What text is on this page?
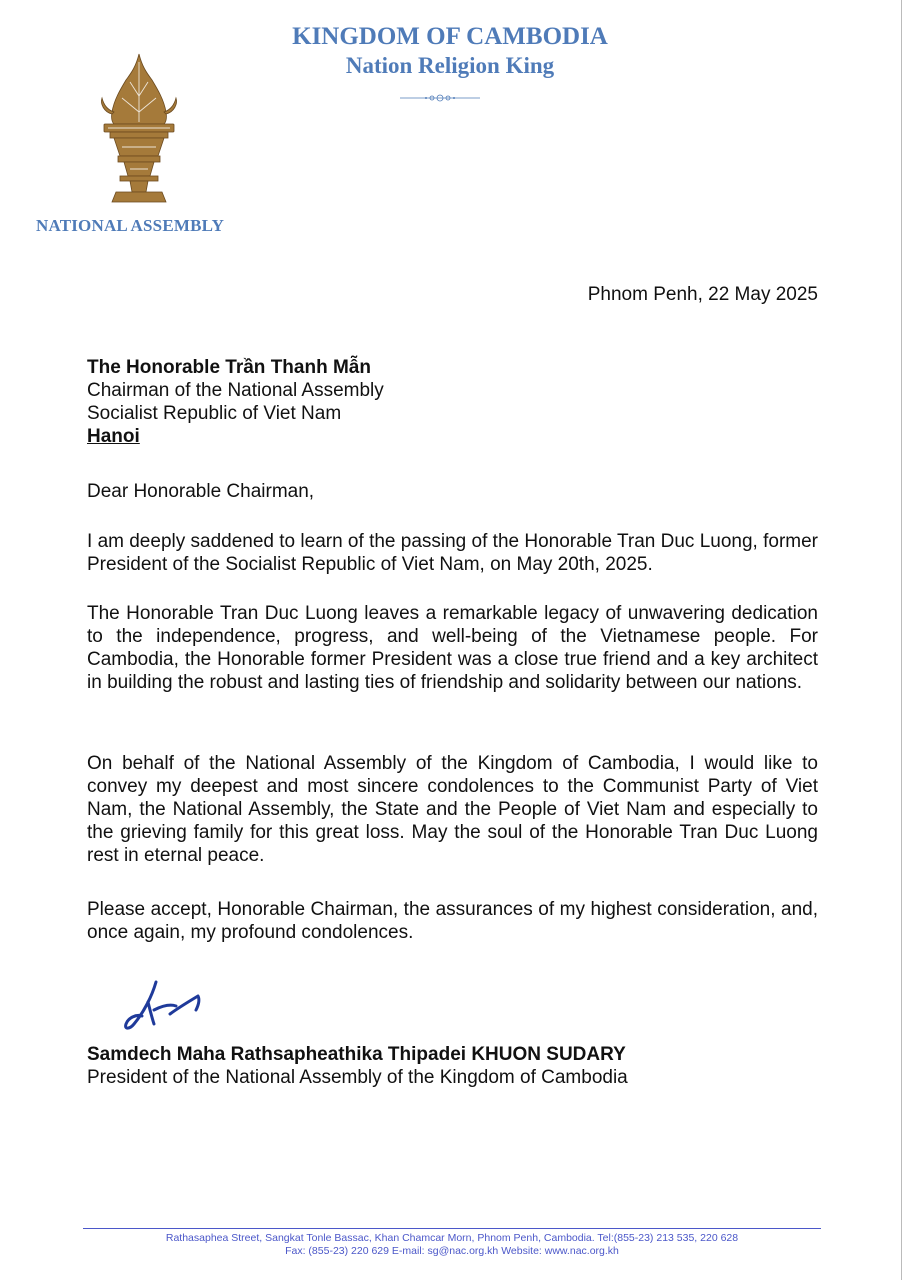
KINGDOM OF CAMBODIA
Nation Religion King
NATIONAL ASSEMBLY
Phnom Penh, 22 May 2025
The Honorable Trần Thanh Mẫn
Chairman of the National Assembly
Socialist Republic of Viet Nam
Hanoi
Dear Honorable Chairman,
I am deeply saddened to learn of the passing of the Honorable Tran Duc Luong, former President of the Socialist Republic of Viet Nam, on May 20th, 2025.
The Honorable Tran Duc Luong leaves a remarkable legacy of unwavering dedication to the independence, progress, and well-being of the Vietnamese people. For Cambodia, the Honorable former President was a close true friend and a key architect in building the robust and lasting ties of friendship and solidarity between our nations.
On behalf of the National Assembly of the Kingdom of Cambodia, I would like to convey my deepest and most sincere condolences to the Communist Party of Viet Nam, the National Assembly, the State and the People of Viet Nam and especially to the grieving family for this great loss. May the soul of the Honorable Tran Duc Luong rest in eternal peace.
Please accept, Honorable Chairman, the assurances of my highest consideration, and, once again, my profound condolences.
Samdech Maha Rathsapheathika Thipadei KHUON SUDARY
President of the National Assembly of the Kingdom of Cambodia
Rathasaphea Street, Sangkat Tonle Bassac, Khan Chamcar Morn, Phnom Penh, Cambodia. Tel:(855-23) 213 535, 220 628
Fax: (855-23) 220 629 E-mail: sg@nac.org.kh Website: www.nac.org.kh
